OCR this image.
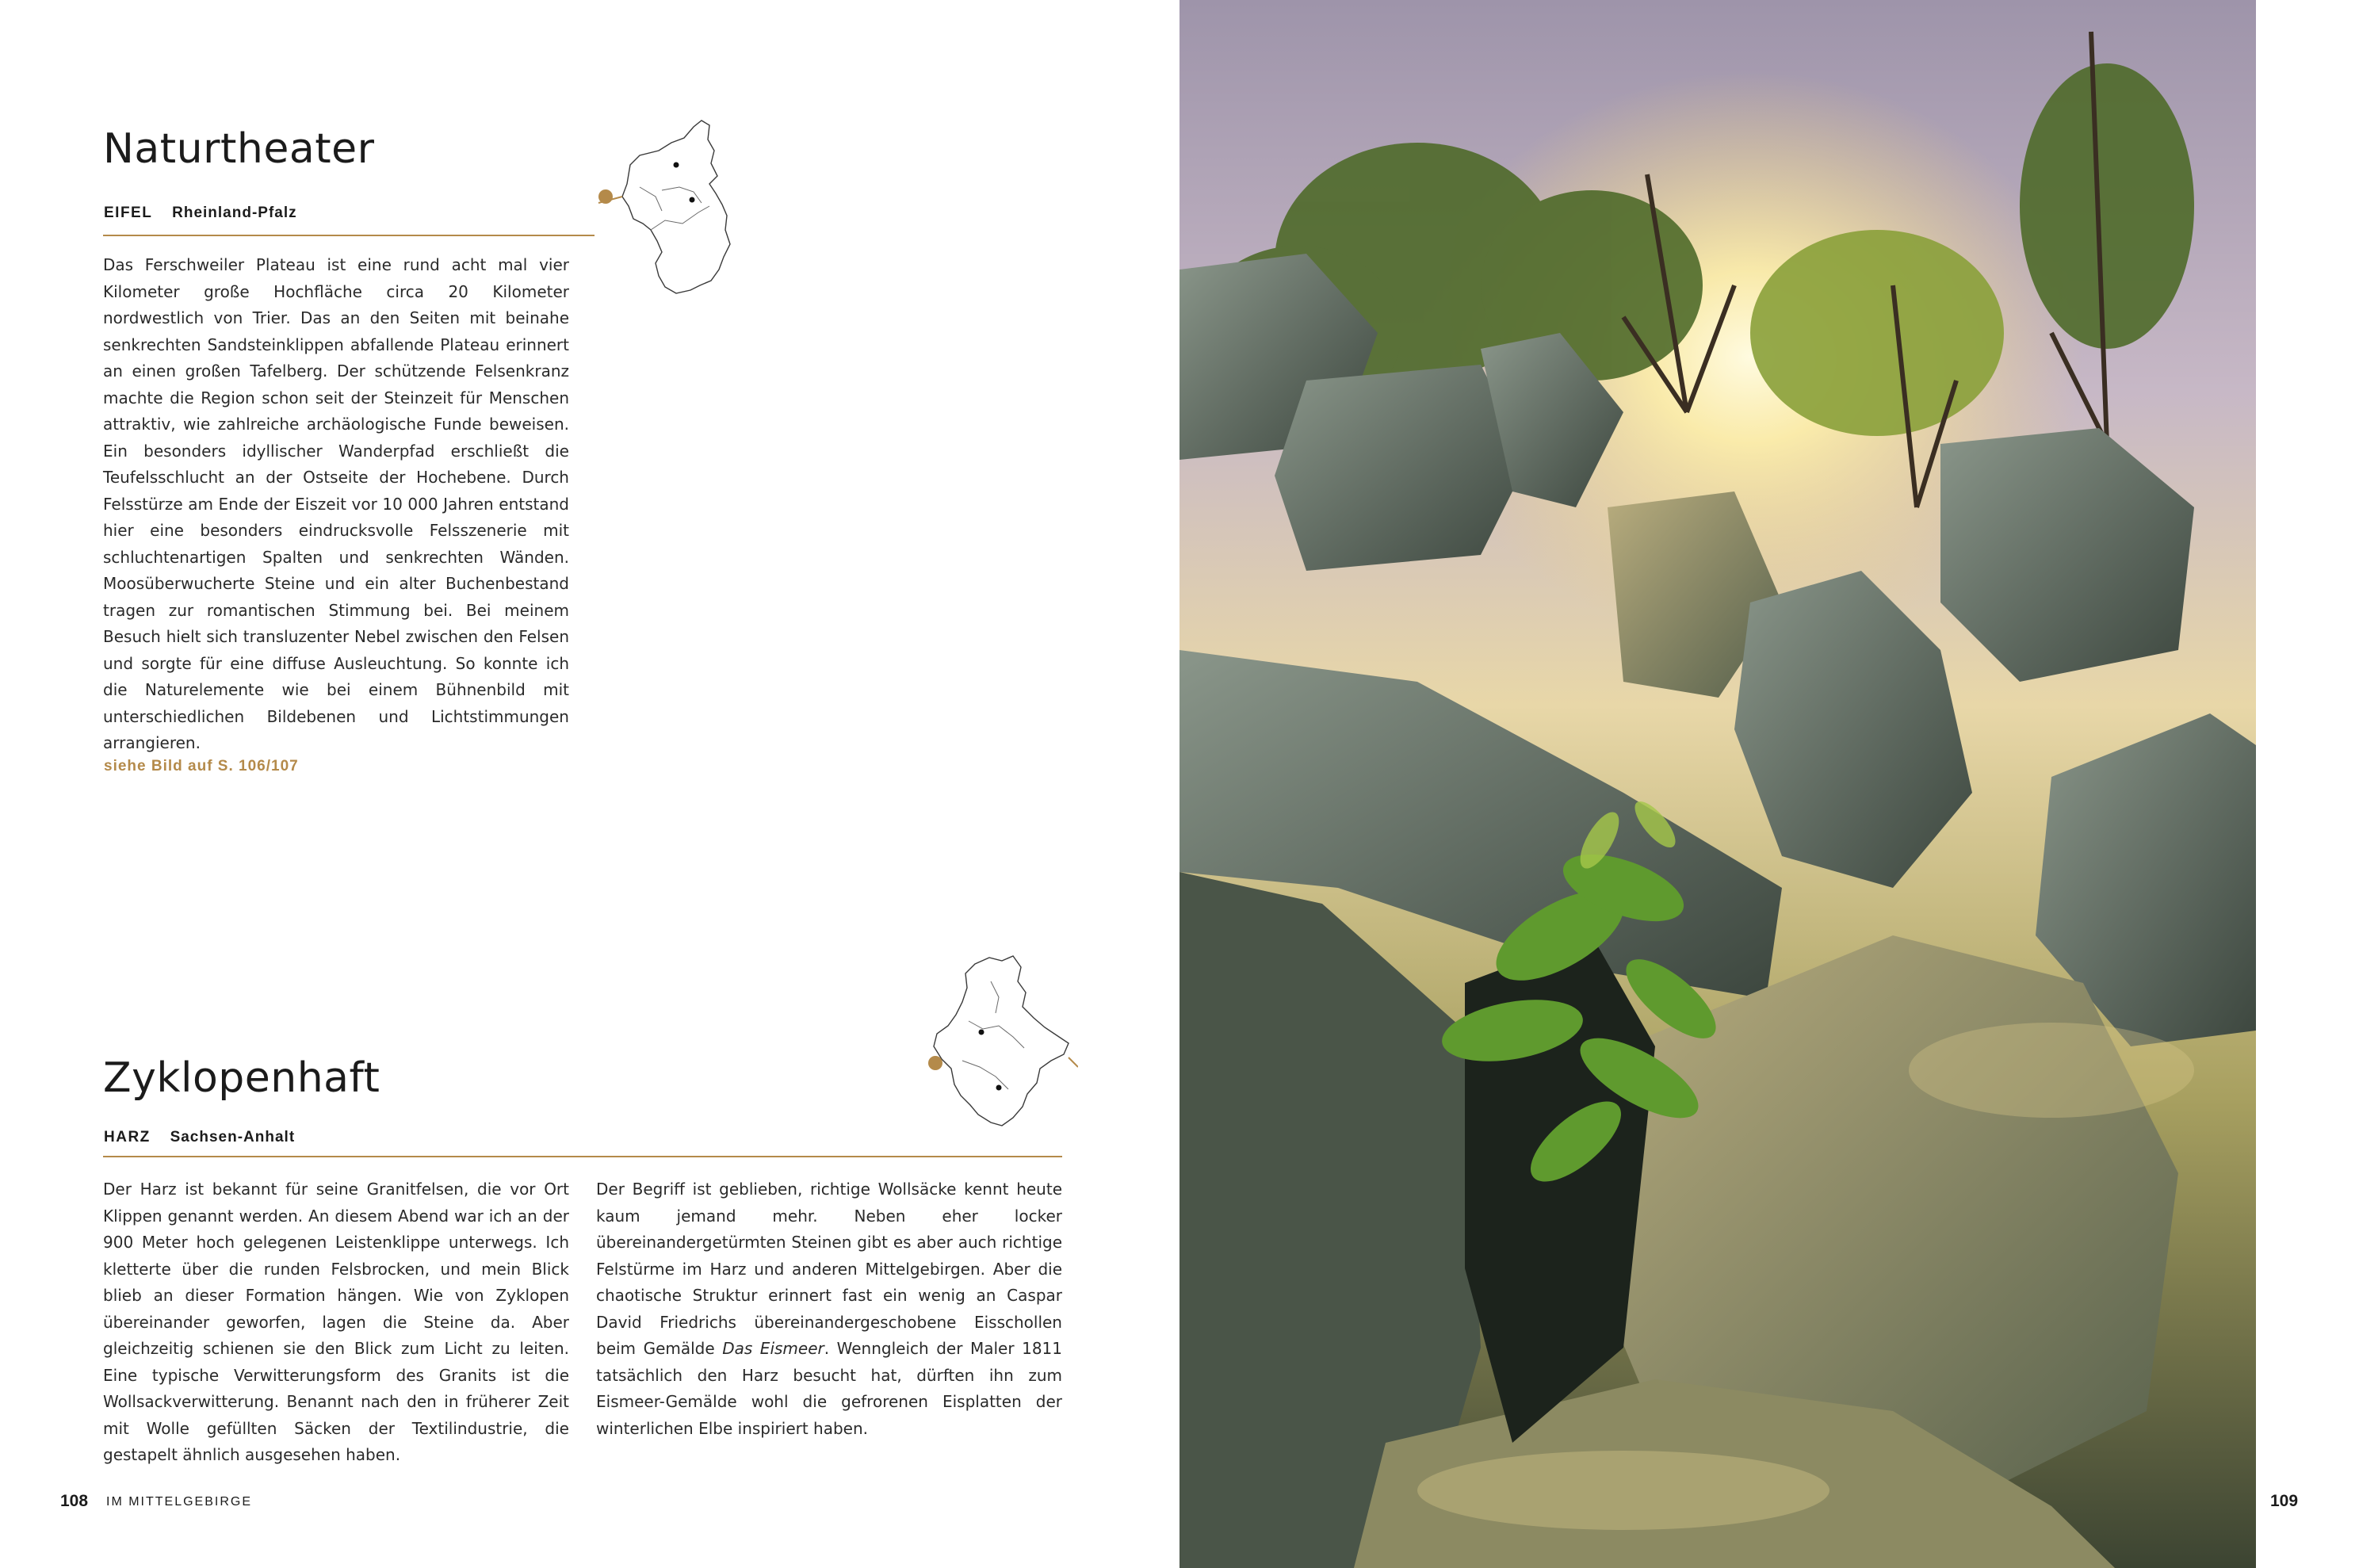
Naturtheater
EIFEL Rheinland-Pfalz
Das Ferschweiler Plateau ist eine rund acht mal vier Kilometer große Hochfläche circa 20 Kilometer nordwestlich von Trier. Das an den Seiten mit beinahe senkrechten Sandsteinklippen abfallende Plateau erinnert an einen großen Tafelberg. Der schützende Felsenkranz machte die Region schon seit der Steinzeit für Menschen attraktiv, wie zahlreiche archäologische Funde beweisen. Ein besonders idyllischer Wanderpfad erschließt die Teufelsschlucht an der Ostseite der Hochebene. Durch Felsstürze am Ende der Eiszeit vor 10 000 Jahren entstand hier eine besonders eindrucksvolle Felsszenerie mit schluchtenartigen Spalten und senkrechten Wänden. Moosüberwucherte Steine und ein alter Buchenbestand tragen zur romantischen Stimmung bei. Bei meinem Besuch hielt sich transluzenter Nebel zwischen den Felsen und sorgte für eine diffuse Ausleuchtung. So konnte ich die Naturelemente wie bei einem Bühnenbild mit unterschiedlichen Bildebenen und Lichtstimmungen arrangieren.
siehe Bild auf S. 106/107
Zyklopenhaft
HARZ Sachsen-Anhalt
Der Harz ist bekannt für seine Granitfelsen, die vor Ort Klippen genannt werden. An diesem Abend war ich an der 900 Meter hoch gelegenen Leistenklippe unterwegs. Ich kletterte über die runden Felsbrocken, und mein Blick blieb an dieser Formation hängen. Wie von Zyklopen übereinander geworfen, lagen die Steine da. Aber gleichzeitig schienen sie den Blick zum Licht zu leiten. Eine typische Verwitterungsform des Granits ist die Wollsackverwitterung. Benannt nach den in früherer Zeit mit Wolle gefüllten Säcken der Textilindustrie, die gestapelt ähnlich ausgesehen haben.
Der Begriff ist geblieben, richtige Wollsäcke kennt heute kaum jemand mehr. Neben eher locker übereinandergetürmten Steinen gibt es aber auch richtige Felstürme im Harz und anderen Mittelgebirgen. Aber die chaotische Struktur erinnert fast ein wenig an Caspar David Friedrichs übereinandergeschobene Eisschollen beim Gemälde Das Eismeer. Wenngleich der Maler 1811 tatsächlich den Harz besucht hat, dürften ihn zum Eismeer-Gemälde wohl die gefrorenen Eisplatten der winterlichen Elbe inspiriert haben.
108 IM MITTELGEBIRGE	109
